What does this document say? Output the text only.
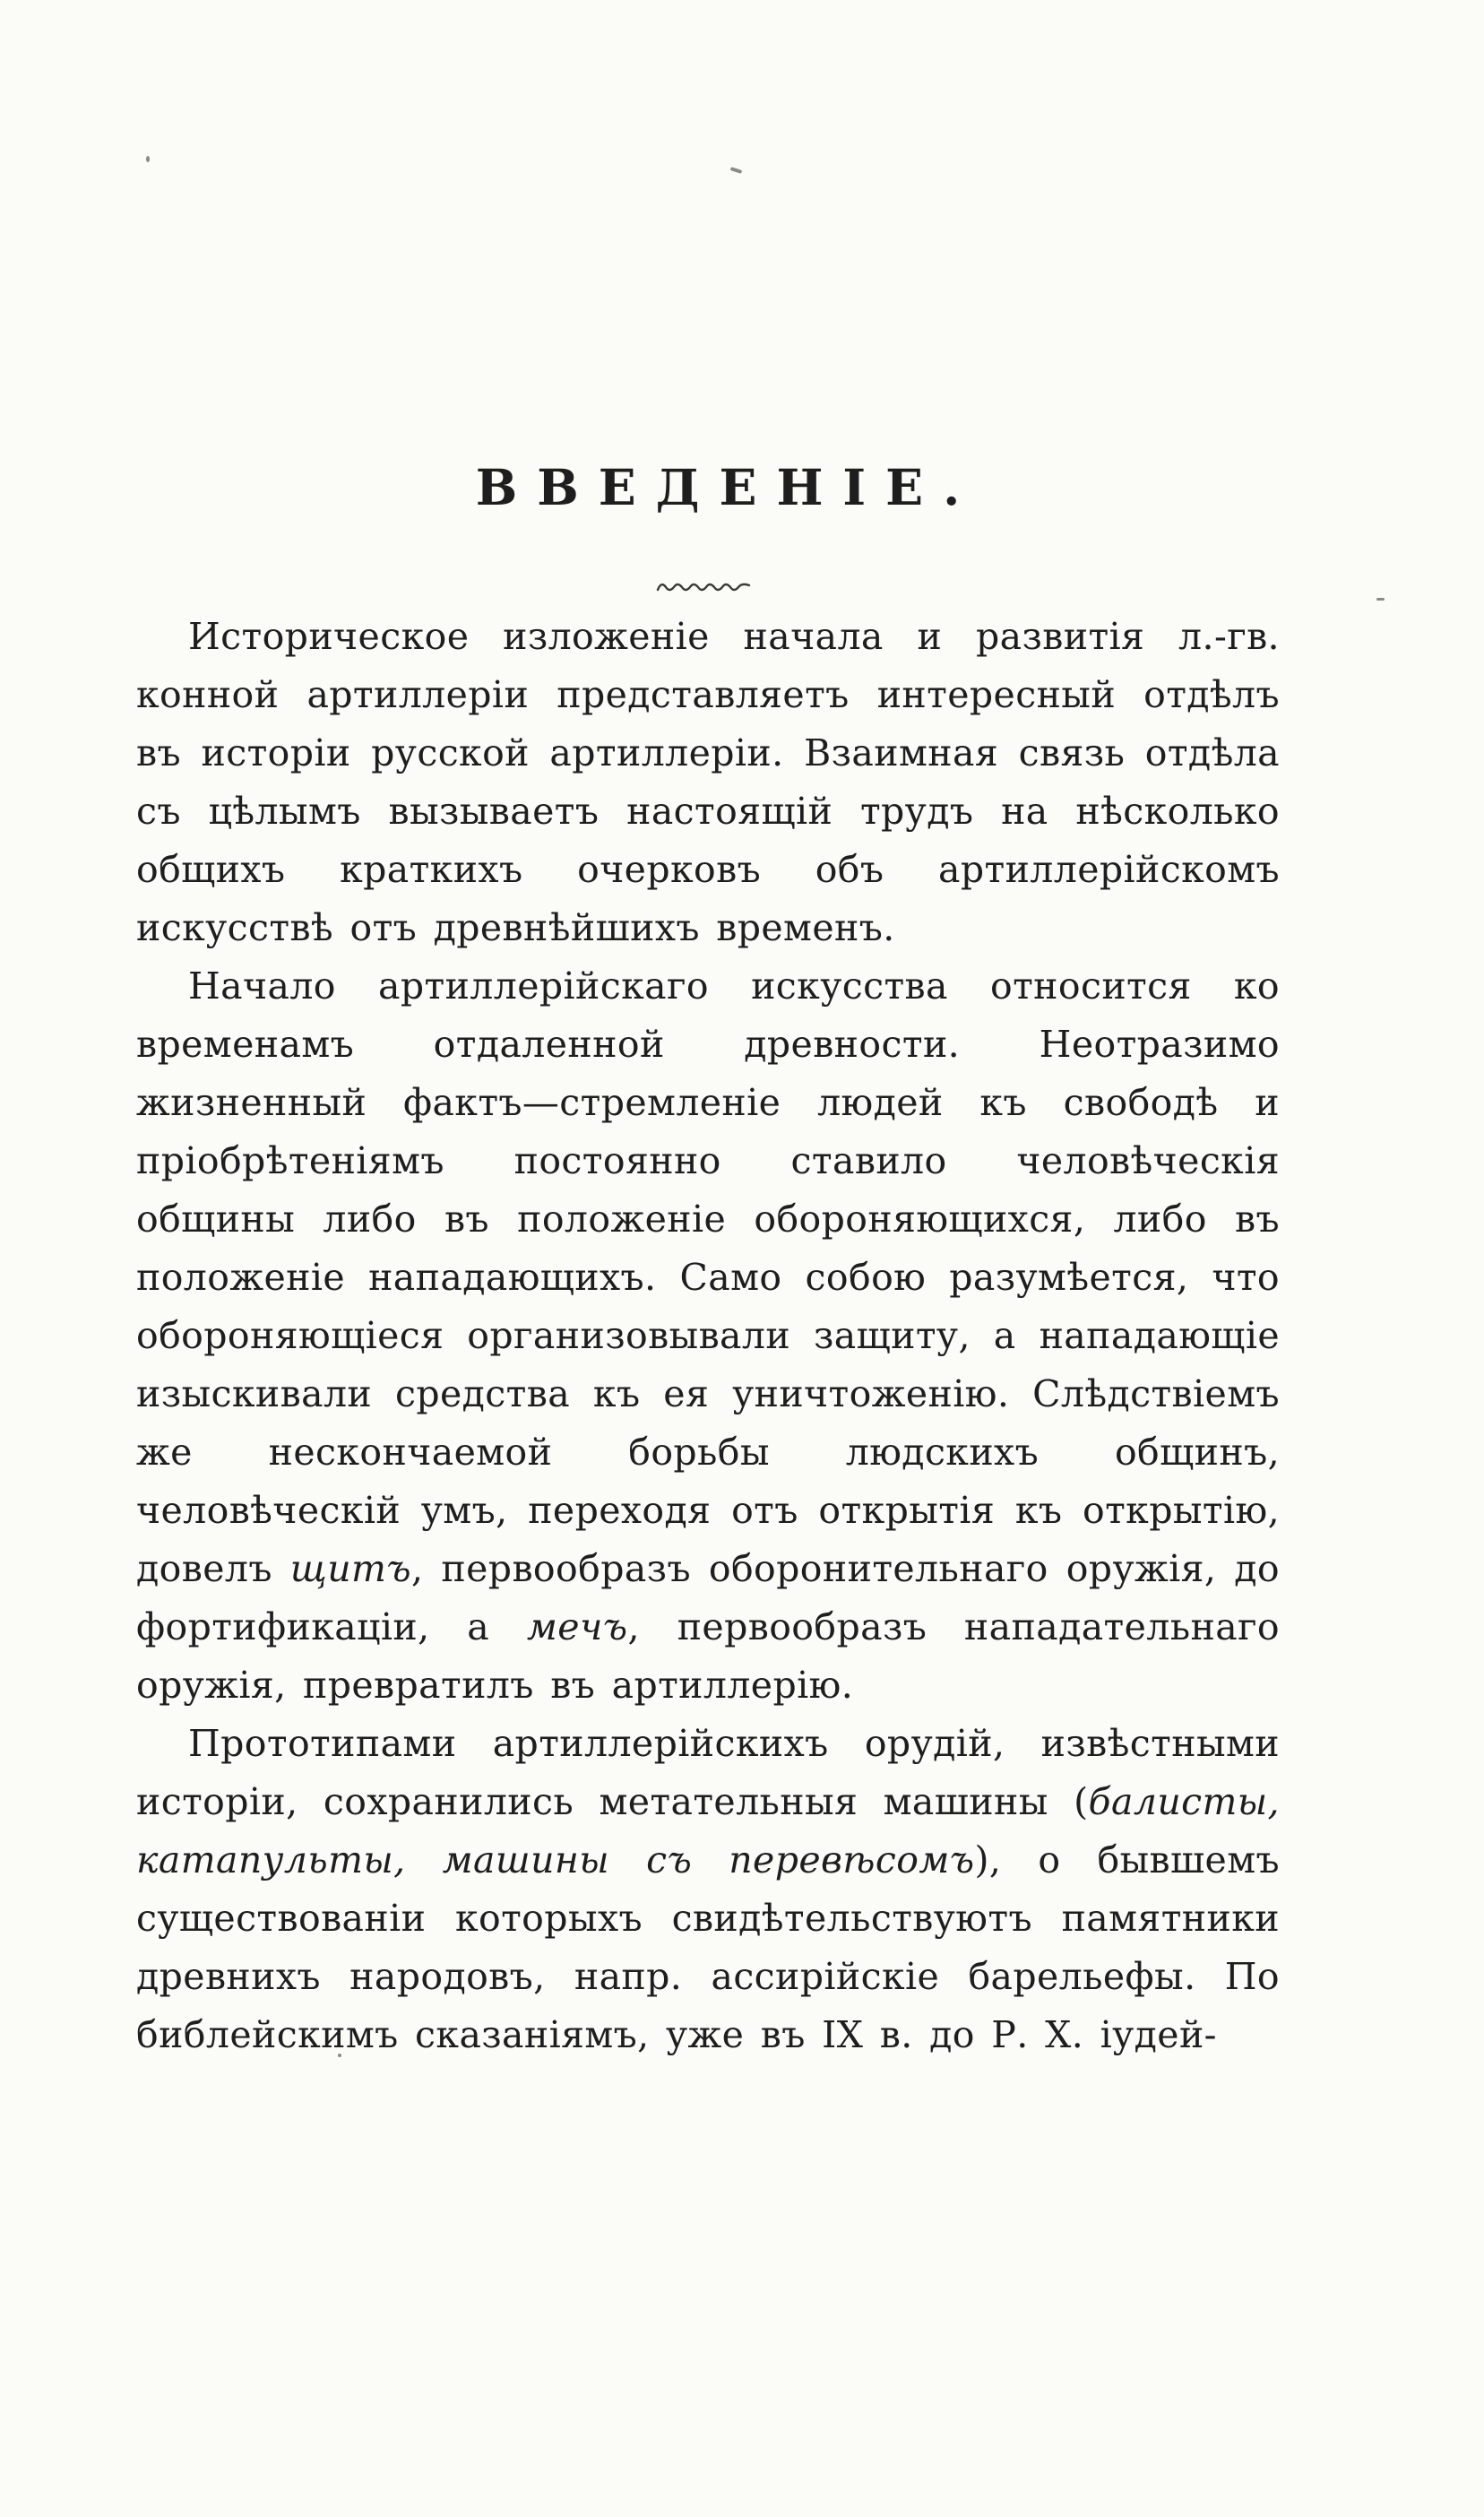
ВВЕДЕНІЕ.

Историческое изложеніе начала и развитія л.-гв. конной артиллеріи представляетъ интересный отдѣлъ въ исторіи русской артиллеріи. Взаимная связь отдѣла съ цѣлымъ вызываетъ настоящій трудъ на нѣсколько общихъ краткихъ очерковъ объ артиллерійскомъ искусствѣ отъ древнѣйшихъ временъ.

Начало артиллерійскаго искусства относится ко временамъ отдаленной древности. Неотразимо жизненный фактъ—стремленіе людей къ свободѣ и пріобрѣтеніямъ постоянно ставило человѣческія общины либо въ положеніе обороняющихся, либо въ положеніе нападающихъ. Само собою разумѣется, что обороняющіеся организовывали защиту, а нападающіе изыскивали средства къ ея уничтоженію. Слѣдствіемъ же нескончаемой борьбы людскихъ общинъ, человѣческій умъ, переходя отъ открытія къ открытію, довелъ щитъ, первообразъ оборонительнаго оружія, до фортификаціи, а мечъ, первообразъ нападательнаго оружія, превратилъ въ артиллерію.

Прототипами артиллерійскихъ орудій, извѣстными исторіи, сохранились метательныя машины (балисты, катапульты, машины съ перевѣсомъ), о бывшемъ существованіи которыхъ свидѣтельствуютъ памятники древнихъ народовъ, напр. ассирійскіе барельефы. По библейскимъ сказаніямъ, уже въ IX в. до Р. Х. іудей-
